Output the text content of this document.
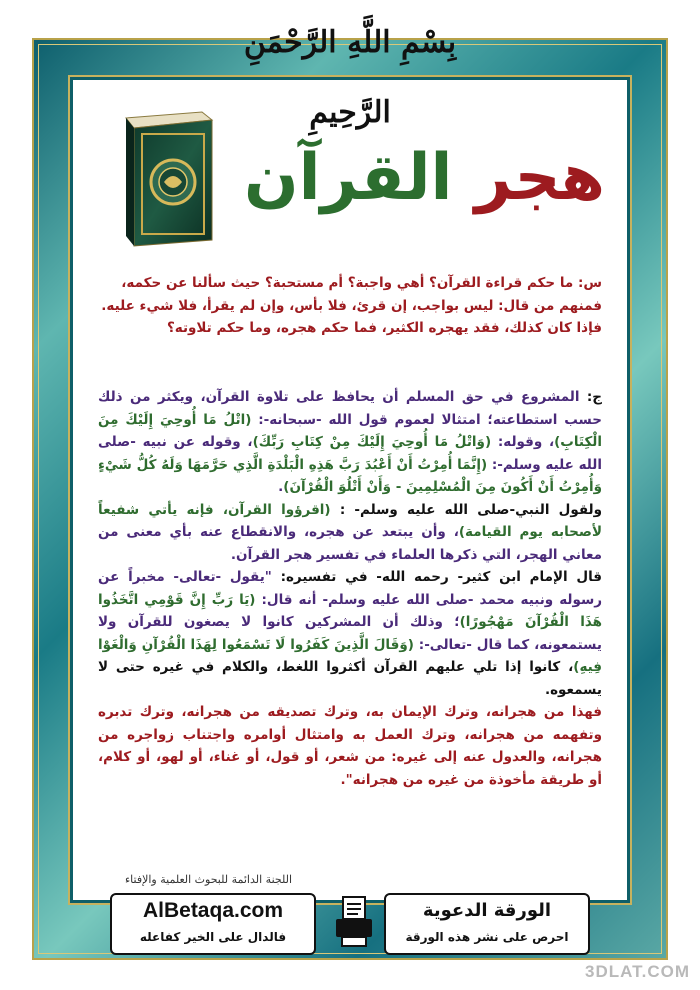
بِسْمِ اللَّهِ الرَّحْمَنِ الرَّحِيمِ
هجر القرآن

س: ما حكم قراءة القرآن؟ أهي واجبة؟ أم مستحبة؟ حيث سألنا عن حكمه،

فمنهم من قال: ليس بواجب، إن قرئ، فلا بأس، وإن لم يقرأ، فلا شيء عليه.

فإذا كان كذلك، فقد يهجره الكثير، فما حكم هجره، وما حكم تلاوته؟

ج: المشروع في حق المسلم أن يحافظ على تلاوة القرآن، ويكثر من ذلك حسب استطاعته؛ امتثالا لعموم قول الله -سبحانه-: (اتْلُ مَا أُوحِيَ إِلَيْكَ مِنَ الْكِتَابِ)، وقوله: (وَاتْلُ مَا أُوحِيَ إِلَيْكَ مِنْ كِتَابِ رَبِّكَ)، وقوله عن نبيه -صلى الله عليه وسلم-: (إِنَّمَا أُمِرْتُ أَنْ أَعْبُدَ رَبَّ هَذِهِ الْبَلْدَةِ الَّذِي حَرَّمَهَا وَلَهُ كُلُّ شَيْءٍ وَأُمِرْتُ أَنْ أَكُونَ مِنَ الْمُسْلِمِينَ - وَأَنْ أَتْلُوَ الْقُرْآنَ).

ولقول النبي-صلى الله عليه وسلم- : (اقرؤوا القرآن، فإنه يأتي شفيعاً لأصحابه يوم القيامة)، وأن يبتعد عن هجره، والانقطاع عنه بأي معنى من معاني الهجر، التي ذكرها العلماء في تفسير هجر القرآن.

قال الإمام ابن كثير- رحمه الله- في تفسيره: "يقول -تعالى- مخبراً عن رسوله ونبيه محمد -صلى الله عليه وسلم- أنه قال: (يَا رَبِّ إِنَّ قَوْمِي اتَّخَذُوا هَذَا الْقُرْآنَ مَهْجُورًا)؛ وذلك أن المشركين كانوا لا يصغون للقرآن ولا يستمعونه، كما قال -تعالى-: (وَقَالَ الَّذِينَ كَفَرُوا لَا تَسْمَعُوا لِهَذَا الْقُرْآنِ وَالْغَوْا فِيهِ)، كانوا إذا تلي عليهم القرآن أكثروا اللغط، والكلام في غيره حتى لا يسمعوه.

فهذا من هجرانه، وترك الإيمان به، وترك تصديقه من هجرانه، وترك تدبره وتفهمه من هجرانه، وترك العمل به وامتثال أوامره واجتناب زواجره من هجرانه، والعدول عنه إلى غيره: من شعر، أو قول، أو غناء، أو لهو، أو كلام، أو طريقة مأخوذة من غيره من هجرانه".

اللجنة الدائمة للبحوث العلمية والإفتاء
AlBetaqa.com
فالدال على الخير كفاعله
الورقة الدعوية
احرص على نشر هذه الورقة
3DLAT.COM
